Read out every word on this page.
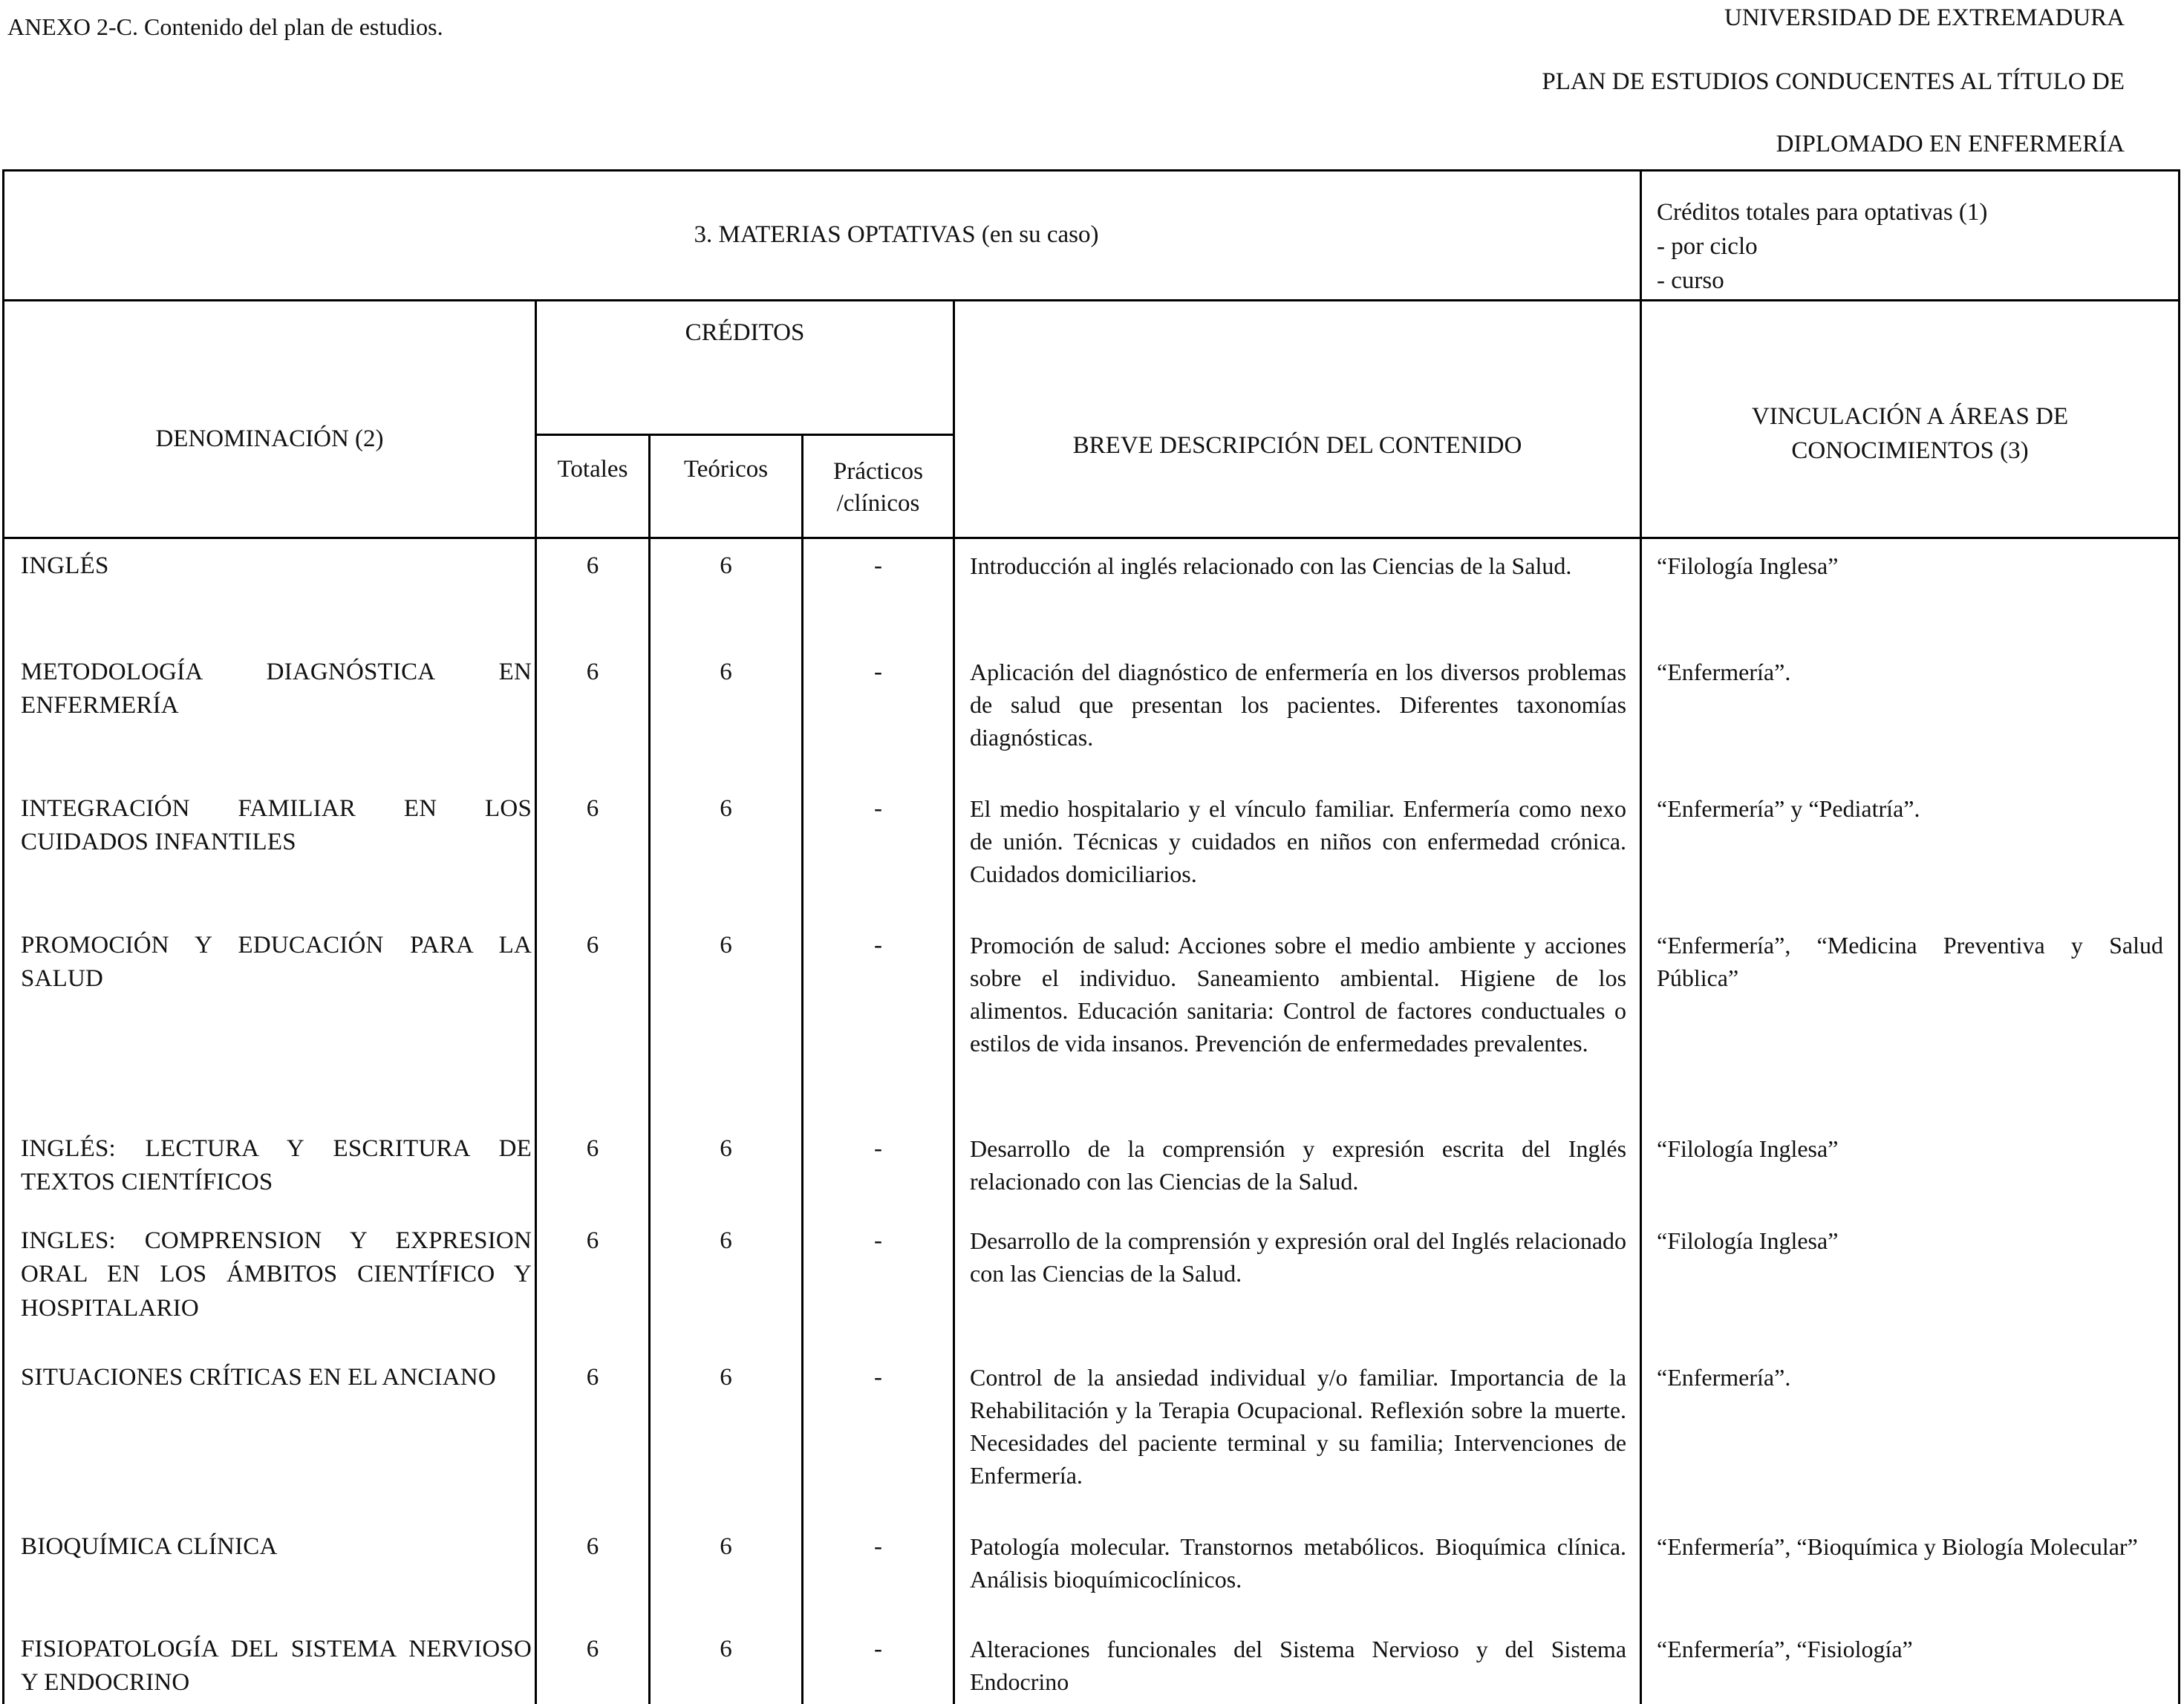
ANEXO 2-C. Contenido del plan de estudios.	UNIVERSIDAD DE EXTREMADURA
PLAN DE ESTUDIOS CONDUCENTES AL TÍTULO DE
DIPLOMADO EN ENFERMERÍA
3. MATERIAS OPTATIVAS (en su caso)					Créditos totales para optativas (1)
- por ciclo
- curso

DENOMINACIÓN (2)	CRÉDITOS			BREVE DESCRIPCIÓN DEL CONTENIDO	VINCULACIÓN A ÁREAS DE CONOCIMIENTOS (3)
	Totales	Teóricos	Prácticos /clínicos		
INGLÉS	6	6	-	Introducción al inglés relacionado con las Ciencias de la Salud.	“Filología Inglesa”
METODOLOGÍA DIAGNÓSTICA EN ENFERMERÍA	6	6	-	Aplicación del diagnóstico de enfermería en los diversos problemas de salud que presentan los pacientes. Diferentes taxonomías diagnósticas.	“Enfermería”.
INTEGRACIÓN FAMILIAR EN LOS CUIDADOS INFANTILES	6	6	-	El medio hospitalario y el vínculo familiar. Enfermería como nexo de unión. Técnicas y cuidados en niños con enfermedad crónica. Cuidados domiciliarios.	“Enfermería” y “Pediatría”.
PROMOCIÓN Y EDUCACIÓN PARA LA SALUD	6	6	-	Promoción de salud: Acciones sobre el medio ambiente y acciones sobre el individuo. Saneamiento ambiental. Higiene de los alimentos. Educación sanitaria: Control de factores conductuales o estilos de vida insanos. Prevención de enfermedades prevalentes.	“Enfermería”, “Medicina Preventiva y Salud Pública”
INGLÉS: LECTURA Y ESCRITURA DE TEXTOS CIENTÍFICOS	6	6	-	Desarrollo de la comprensión y expresión escrita del Inglés relacionado con las Ciencias de la Salud.	“Filología Inglesa”
INGLES: COMPRENSION Y EXPRESION ORAL EN LOS ÁMBITOS CIENTÍFICO Y HOSPITALARIO	6	6	-	Desarrollo de la comprensión y expresión oral del Inglés relacionado con las Ciencias de la Salud.	“Filología Inglesa”
SITUACIONES CRÍTICAS EN EL ANCIANO	6	6	-	Control de la ansiedad individual y/o familiar. Importancia de la Rehabilitación y la Terapia Ocupacional. Reflexión sobre la muerte. Necesidades del paciente terminal y su familia; Intervenciones de Enfermería.	“Enfermería”.
BIOQUÍMICA CLÍNICA	6	6	-	Patología molecular. Transtornos metabólicos. Bioquímica clínica. Análisis bioquímicoclínicos.	“Enfermería”, “Bioquímica y Biología Molecular”
FISIOPATOLOGÍA DEL SISTEMA NERVIOSO Y ENDOCRINO	6	6	-	Alteraciones funcionales del Sistema Nervioso y del Sistema Endocrino	“Enfermería”, “Fisiología”
